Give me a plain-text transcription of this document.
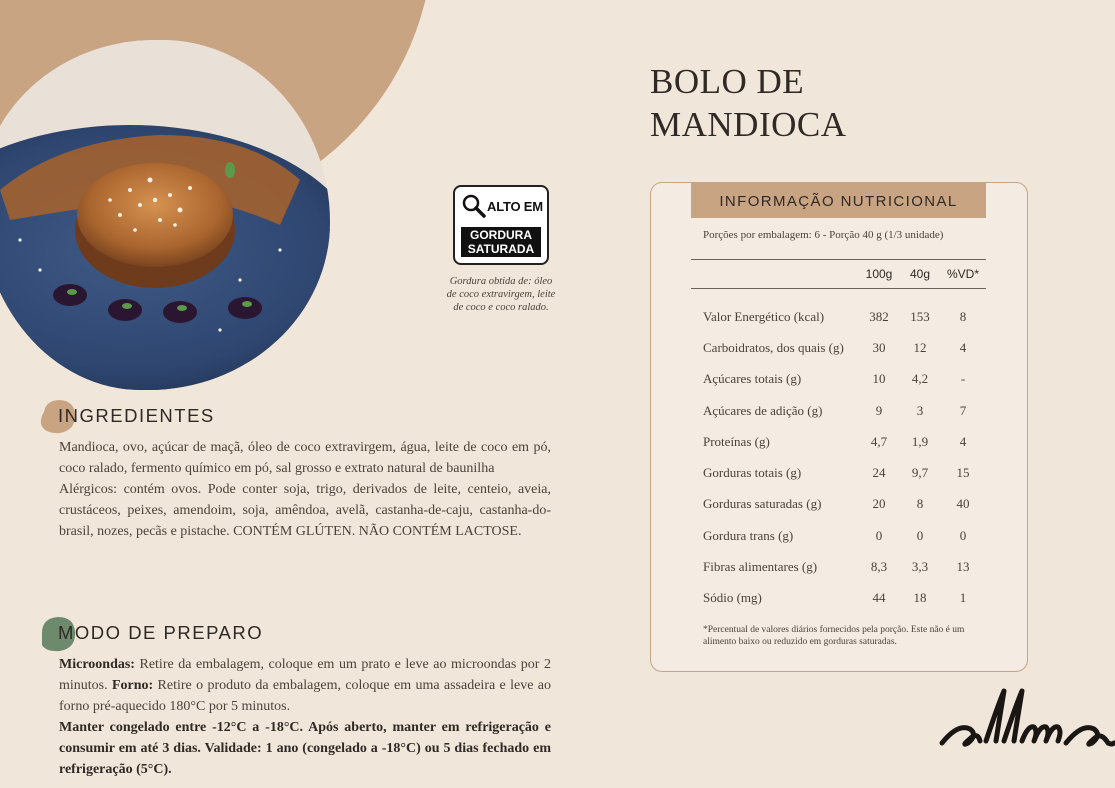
ALTO EM
GORDURA
SATURADA
Gordura obtida de: óleo de coco extravirgem, leite de coco e coco ralado.
INGREDIENTES

Mandioca, ovo, açúcar de maçã, óleo de coco extravirgem, água, leite de coco em pó, coco ralado, fermento químico em pó, sal grosso e extrato natural de baunilha

Alérgicos: contém ovos. Pode conter soja, trigo, derivados de leite, centeio, aveia, crustáceos, peixes, amendoim, soja, amêndoa, avelã, castanha-de-caju, castanha-do-brasil, nozes, pecãs e pistache. CONTÉM GLÚTEN. NÃO CONTÉM LACTOSE.

MODO DE PREPARO

Microondas: Retire da embalagem, coloque em um prato e leve ao microondas por 2 minutos. Forno: Retire o produto da embalagem, coloque em uma assadeira e leve ao forno pré-aquecido 180°C por 5 minutos.

Manter congelado entre -12°C a -18°C. Após aberto, manter em refrigeração e consumir em até 3 dias. Validade: 1 ano (congelado a -18°C) ou 5 dias fechado em refrigeração (5°C).

BOLO DE
MANDIOCA
INFORMAÇÃO NUTRICIONAL
Porções por embalagem: 6 - Porção 40 g (1/3 unidade)
100g	40g	%VD*
Valor Energético (kcal)	382	153	8
Carboidratos, dos quais (g)	30	12	4
Açúcares totais (g)	10	4,2	-
Açúcares de adição (g)	9	3	7
Proteínas (g)	4,7	1,9	4
Gorduras totais (g)	24	9,7	15
Gorduras saturadas (g)	20	8	40
Gordura trans (g)	0	0	0
Fibras alimentares (g)	8,3	3,3	13
Sódio (mg)	44	18	1
*Percentual de valores diários fornecidos pela porção. Este não é um alimento baixo ou reduzido em gorduras saturadas.
